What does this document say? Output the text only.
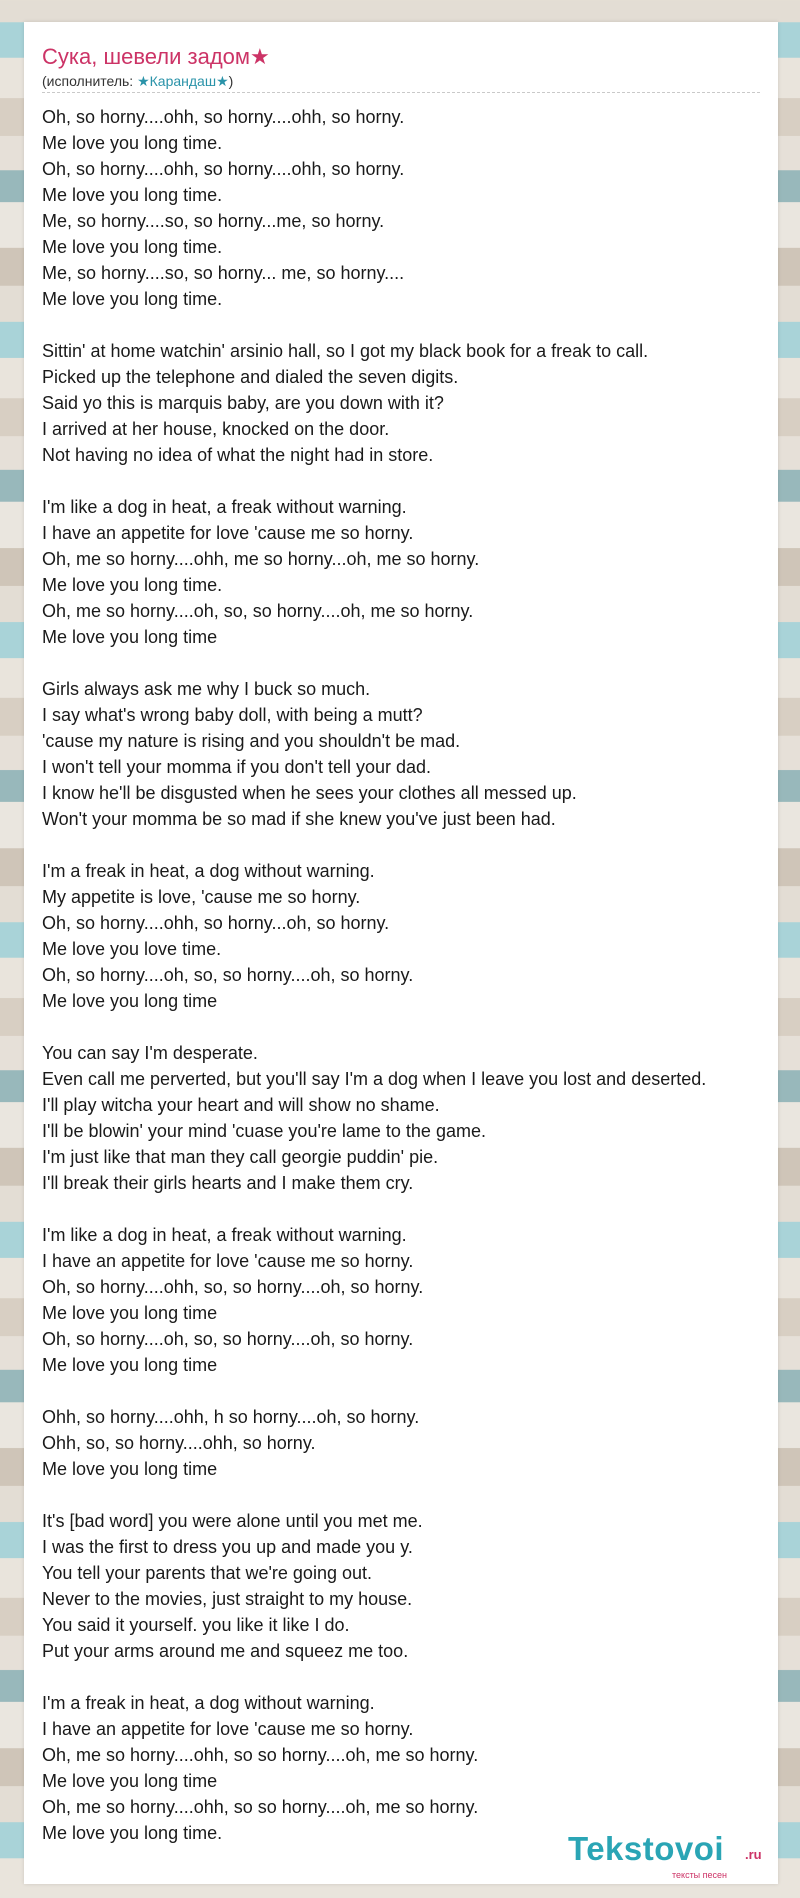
Сука, шевели задом★
(исполнитель: ★Карандаш★)
Oh, so horny....ohh, so horny....ohh, so horny.
Me love you long time.
Oh, so horny....ohh, so horny....ohh, so horny.
Me love you long time.
Me, so horny....so, so horny...me, so horny.
Me love you long time.
Me, so horny....so, so horny... me, so horny....
Me love you long time.
Sittin' at home watchin' arsinio hall, so I got my black book for a freak to call.
Picked up the telephone and dialed the seven digits.
Said yo this is marquis baby, are you down with it?
I arrived at her house, knocked on the door.
Not having no idea of what the night had in store.
I'm like a dog in heat, a freak without warning.
I have an appetite for love 'cause me so horny.
Oh, me so horny....ohh, me so horny...oh, me so horny.
Me love you long time.
Oh, me so horny....oh, so, so horny....oh, me so horny.
Me love you long time
Girls always ask me why I buck so much.
I say what's wrong baby doll, with being a mutt?
'cause my nature is rising and you shouldn't be mad.
I won't tell your momma if you don't tell your dad.
I know he'll be disgusted when he sees your clothes all messed up.
Won't your momma be so mad if she knew you've just been had.
I'm a freak in heat, a dog without warning.
My appetite is love, 'cause me so horny.
Oh, so horny....ohh, so horny...oh, so horny.
Me love you love time.
Oh, so horny....oh, so, so horny....oh, so horny.
Me love you long time
You can say I'm desperate.
Even call me perverted, but you'll say I'm a dog when I leave you lost and deserted.
I'll play witcha your heart and will show no shame.
I'll be blowin' your mind 'cuase you're lame to the game.
I'm just like that man they call georgie puddin' pie.
I'll break their girls hearts and I make them cry.
I'm like a dog in heat, a freak without warning.
I have an appetite for love 'cause me so horny.
Oh, so horny....ohh, so, so horny....oh, so horny.
Me love you long time
Oh, so horny....oh, so, so horny....oh, so horny.
Me love you long time
Ohh, so horny....ohh, h so horny....oh, so horny.
Ohh, so, so horny....ohh, so horny.
Me love you long time
It's [bad word] you were alone until you met me.
I was the first to dress you up and made you y.
You tell your parents that we're going out.
Never to the movies, just straight to my house.
You said it yourself. you like it like I do.
Put your arms around me and squeez me too.
I'm a freak in heat, a dog without warning.
I have an appetite for love 'cause me so horny.
Oh, me so horny....ohh, so so horny....oh, me so horny.
Me love you long time
Oh, me so horny....ohh, so so horny....oh, me so horny.
Me love you long time.	Tekstovoi .ru
тексты песен
